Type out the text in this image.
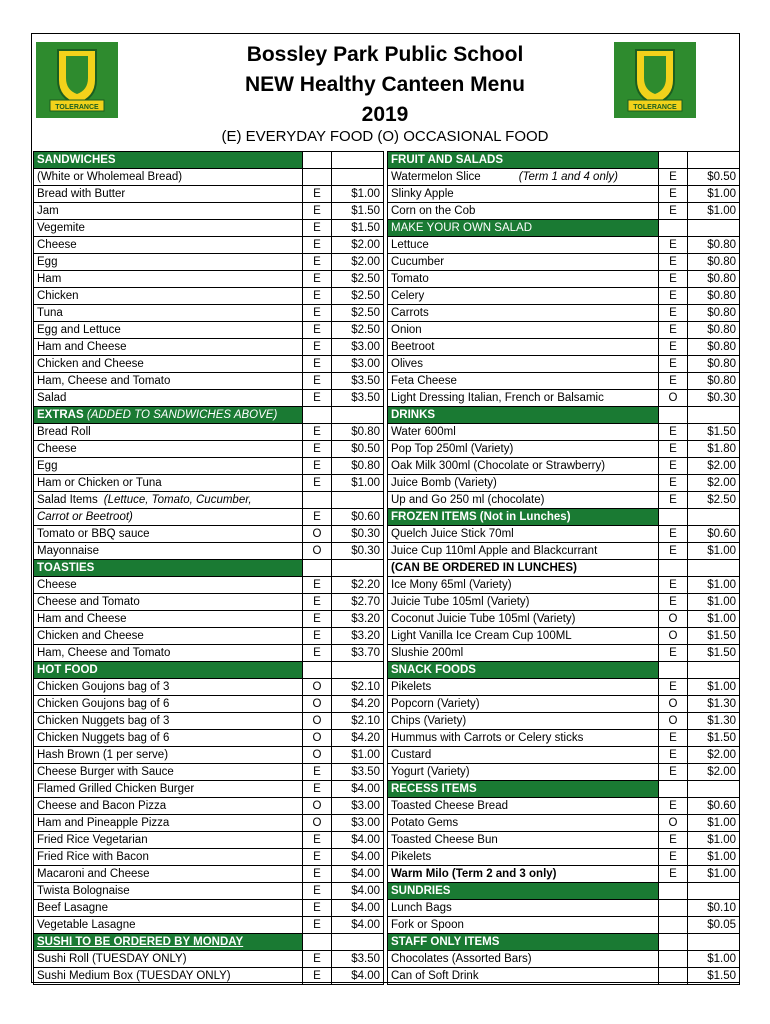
TOLERANCE	TOLERANCE
Bossley Park Public School
NEW Healthy Canteen Menu
2019
(E) EVERYDAY FOOD (O) OCCASIONAL FOOD
SANDWICHES		
(White or Wholemeal Bread)		
Bread with Butter	E	$1.00
Jam	E	$1.50
Vegemite	E	$1.50
Cheese	E	$2.00
Egg	E	$2.00
Ham	E	$2.50
Chicken	E	$2.50
Tuna	E	$2.50
Egg and Lettuce	E	$2.50
Ham and Cheese	E	$3.00
Chicken and Cheese	E	$3.00
Ham, Cheese and Tomato	E	$3.50
Salad	E	$3.50
EXTRAS (ADDED TO SANDWICHES ABOVE)		
Bread Roll	E	$0.80
Cheese	E	$0.50
Egg	E	$0.80
Ham or Chicken or Tuna	E	$1.00
Salad Items (Lettuce, Tomato, Cucumber,		
Carrot or Beetroot)	E	$0.60
Tomato or BBQ sauce	O	$0.30
Mayonnaise	O	$0.30
TOASTIES		
Cheese	E	$2.20
Cheese and Tomato	E	$2.70
Ham and Cheese	E	$3.20
Chicken and Cheese	E	$3.20
Ham, Cheese and Tomato	E	$3.70
HOT FOOD		
Chicken Goujons bag of 3	O	$2.10
Chicken Goujons bag of 6	O	$4.20
Chicken Nuggets bag of 3	O	$2.10
Chicken Nuggets bag of 6	O	$4.20
Hash Brown (1 per serve)	O	$1.00
Cheese Burger with Sauce	E	$3.50
Flamed Grilled Chicken Burger	E	$4.00
Cheese and Bacon Pizza	O	$3.00
Ham and Pineapple Pizza	O	$3.00
Fried Rice Vegetarian	E	$4.00
Fried Rice with Bacon	E	$4.00
Macaroni and Cheese	E	$4.00
Twista Bolognaise	E	$4.00
Beef Lasagne	E	$4.00
Vegetable Lasagne	E	$4.00
SUSHI TO BE ORDERED BY MONDAY		
Sushi Roll (TUESDAY ONLY)	E	$3.50
Sushi Medium Box (TUESDAY ONLY)	E	$4.00
FRUIT AND SALADS		
Watermelon Slice (Term 1 and 4 only)	E	$0.50
Slinky Apple	E	$1.00
Corn on the Cob	E	$1.00
MAKE YOUR OWN SALAD		
Lettuce	E	$0.80
Cucumber	E	$0.80
Tomato	E	$0.80
Celery	E	$0.80
Carrots	E	$0.80
Onion	E	$0.80
Beetroot	E	$0.80
Olives	E	$0.80
Feta Cheese	E	$0.80
Light Dressing Italian, French or Balsamic	O	$0.30
DRINKS		
Water 600ml	E	$1.50
Pop Top 250ml (Variety)	E	$1.80
Oak Milk 300ml (Chocolate or Strawberry)	E	$2.00
Juice Bomb (Variety)	E	$2.00
Up and Go 250 ml (chocolate)	E	$2.50
FROZEN ITEMS (Not in Lunches)		
Quelch Juice Stick 70ml	E	$0.60
Juice Cup 110ml Apple and Blackcurrant	E	$1.00
(CAN BE ORDERED IN LUNCHES)		
Ice Mony 65ml (Variety)	E	$1.00
Juicie Tube 105ml (Variety)	E	$1.00
Coconut Juicie Tube 105ml (Variety)	O	$1.00
Light Vanilla Ice Cream Cup 100ML	O	$1.50
Slushie 200ml	E	$1.50
SNACK FOODS		
Pikelets	E	$1.00
Popcorn (Variety)	O	$1.30
Chips (Variety)	O	$1.30
Hummus with Carrots or Celery sticks	E	$1.50
Custard	E	$2.00
Yogurt (Variety)	E	$2.00
RECESS ITEMS		
Toasted Cheese Bread	E	$0.60
Potato Gems	O	$1.00
Toasted Cheese Bun	E	$1.00
Pikelets	E	$1.00
Warm Milo (Term 2 and 3 only)	E	$1.00
SUNDRIES		
Lunch Bags		$0.10
Fork or Spoon		$0.05
STAFF ONLY ITEMS		
Chocolates (Assorted Bars)		$1.00
Can of Soft Drink		$1.50
